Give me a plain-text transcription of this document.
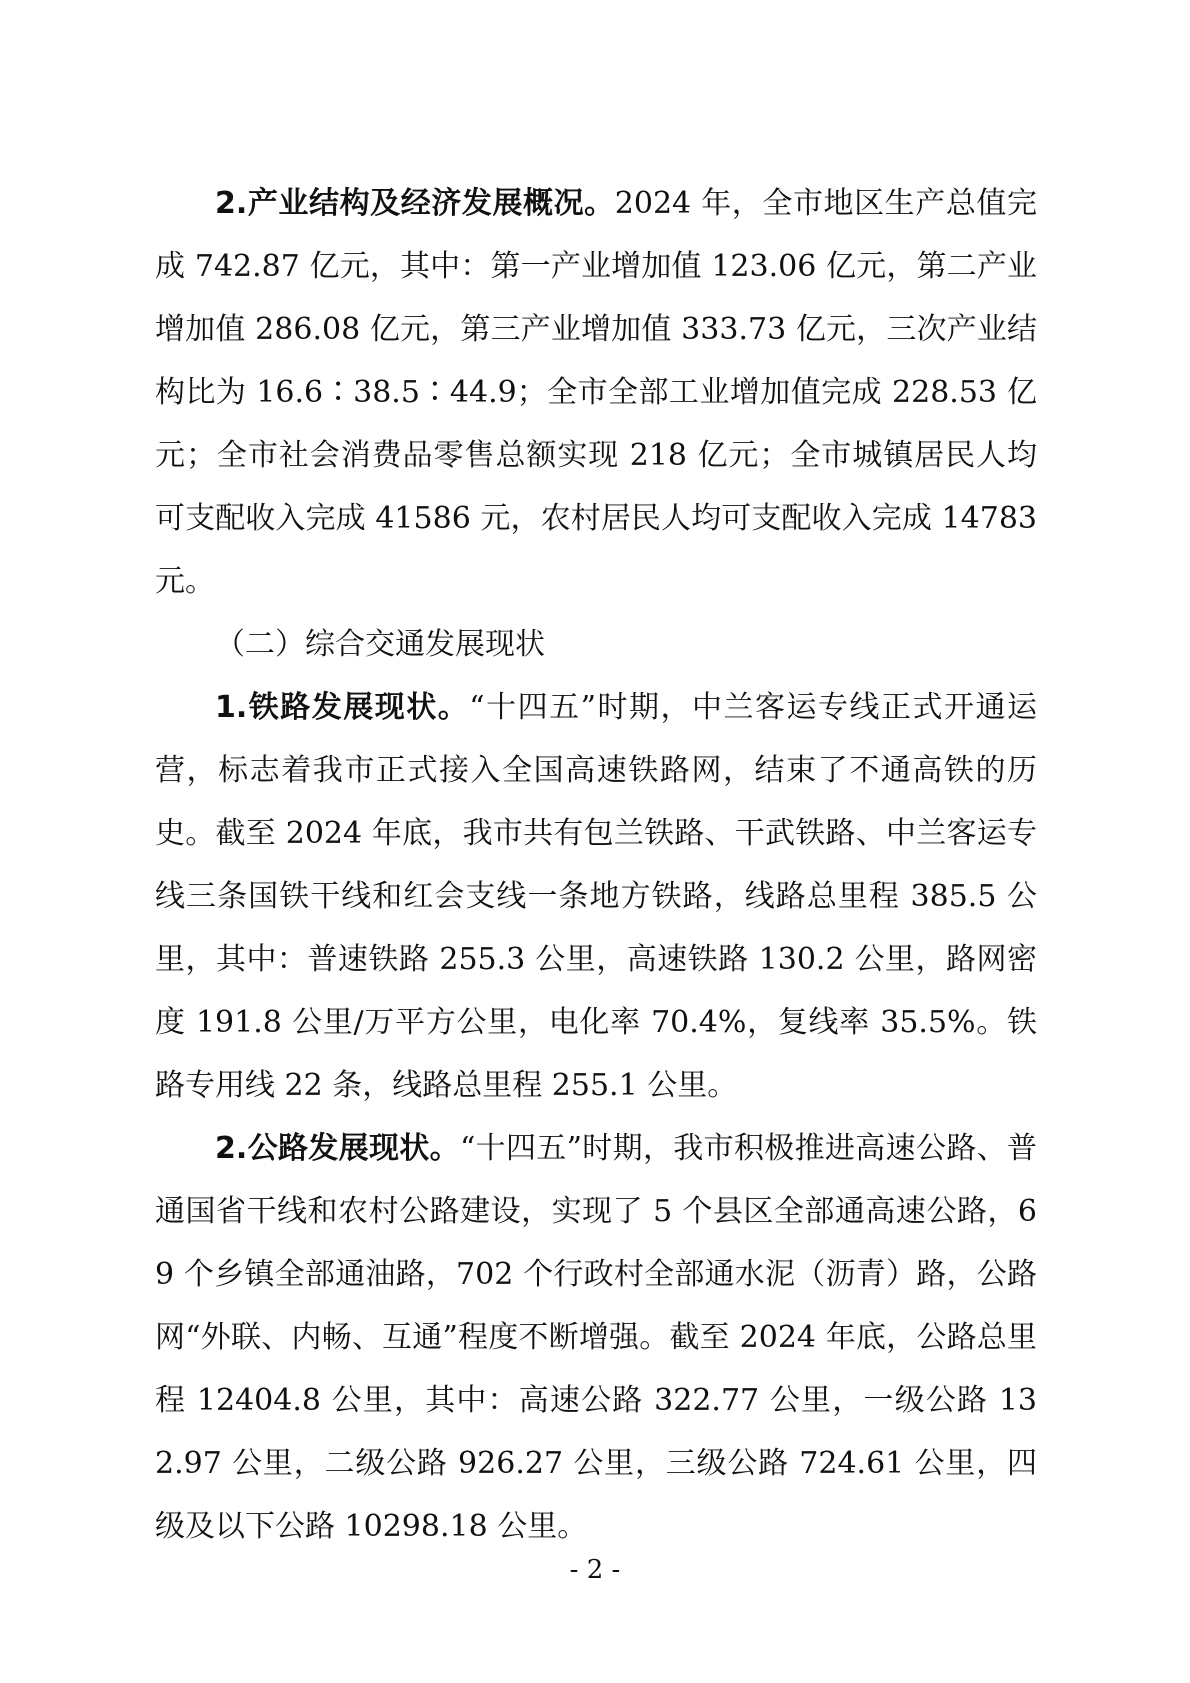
2.产业结构及经济发展概况。2024 年，全市地区生产总值完成 742.87 亿元，其中：第一产业增加值 123.06 亿元，第二产业增加值 286.08 亿元，第三产业增加值 333.73 亿元，三次产业结构比为 16.6∶38.5∶44.9；全市全部工业增加值完成 228.53 亿元；全市社会消费品零售总额实现 218 亿元；全市城镇居民人均可支配收入完成 41586 元，农村居民人均可支配收入完成 14783 元。

（二）综合交通发展现状

1.铁路发展现状。“十四五”时期，中兰客运专线正式开通运营，标志着我市正式接入全国高速铁路网，结束了不通高铁的历史。截至 2024 年底，我市共有包兰铁路、干武铁路、中兰客运专线三条国铁干线和红会支线一条地方铁路，线路总里程 385.5 公里，其中：普速铁路 255.3 公里，高速铁路 130.2 公里，路网密度 191.8 公里/万平方公里，电化率 70.4%，复线率 35.5%。铁路专用线 22 条，线路总里程 255.1 公里。

2.公路发展现状。“十四五”时期，我市积极推进高速公路、普通国省干线和农村公路建设，实现了 5 个县区全部通高速公路，69 个乡镇全部通油路，702 个行政村全部通水泥（沥青）路，公路网“外联、内畅、互通”程度不断增强。截至 2024 年底，公路总里程 12404.8 公里，其中：高速公路 322.77 公里，一级公路 132.97 公里，二级公路 926.27 公里，三级公路 724.61 公里，四级及以下公路 10298.18 公里。

- 2 -
